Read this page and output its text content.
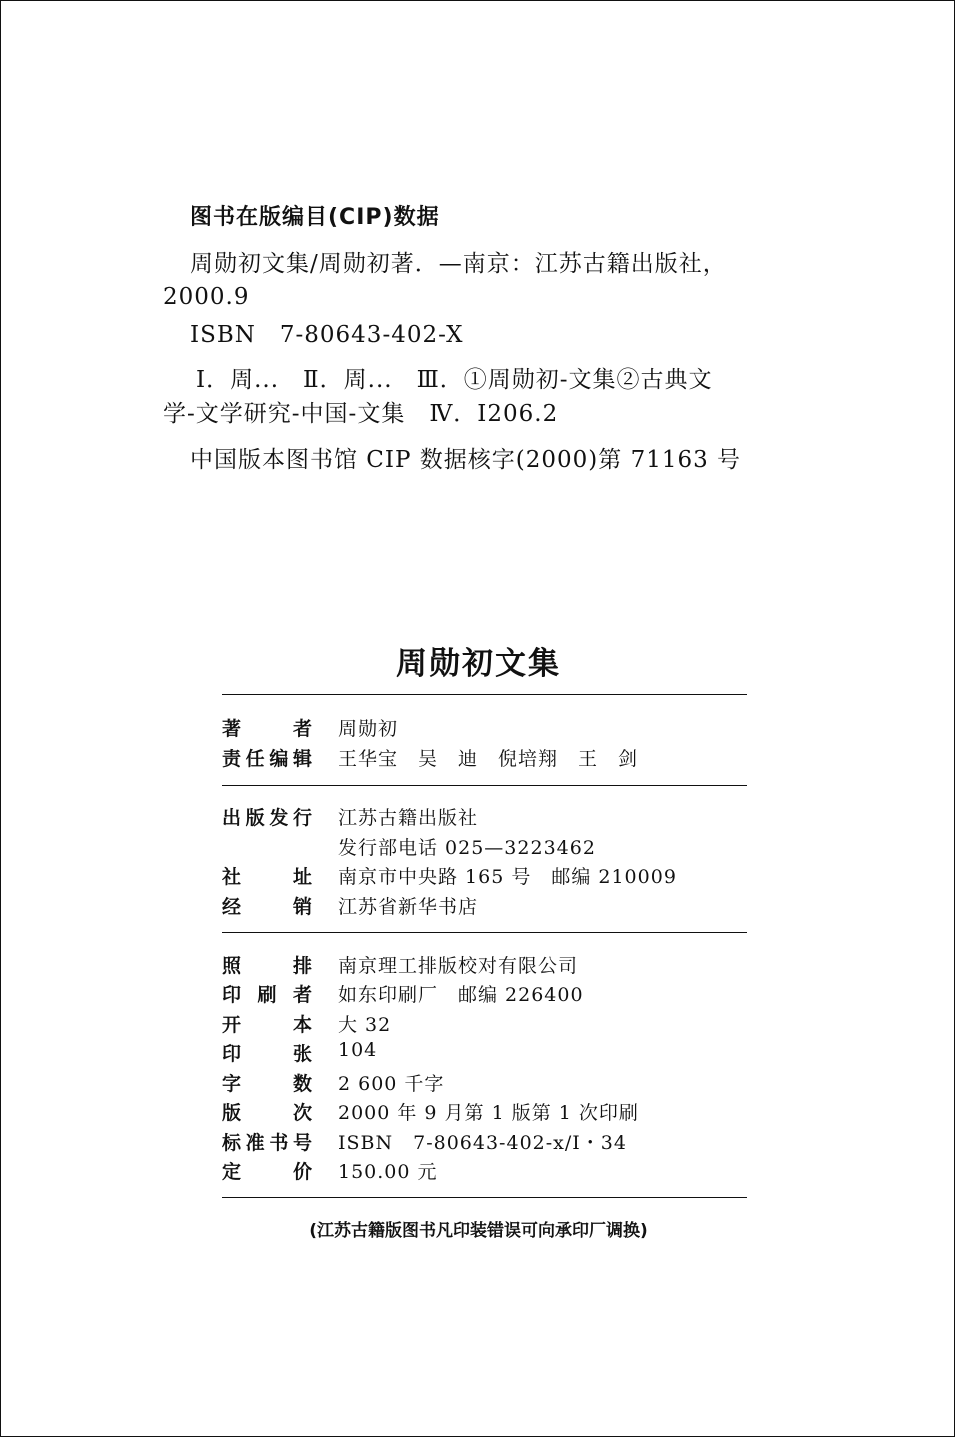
图书在版编目(CIP)数据
周勋初文集/周勋初著．—南京：江苏古籍出版社，
2000.9
ISBN　7-80643-402-X
Ⅰ．周...　Ⅱ．周...　Ⅲ．①周勋初-文集②古典文
学-文学研究-中国-文集　Ⅳ．I206.2
中国版本图书馆 CIP 数据核字(2000)第 71163 号
周勋初文集
著	者 周勋初
责 任 编 辑 王华宝　吴　迪　倪培翔　王　剑
出 版 发 行 江苏古籍出版社
发行部电话 025—3223462
社	址 南京市中央路 165 号　邮编 210009
经	销 江苏省新华书店
照	排 南京理工排版校对有限公司
印 刷 者 如东印刷厂　邮编 226400
开	本 大 32
印	张 104
字	数 2 600 千字
版	次 2000 年 9 月第 1 版第 1 次印刷
标 准 书 号 ISBN　7-80643-402-x/I・34
定	价 150.00 元
(江苏古籍版图书凡印装错误可向承印厂调换)
